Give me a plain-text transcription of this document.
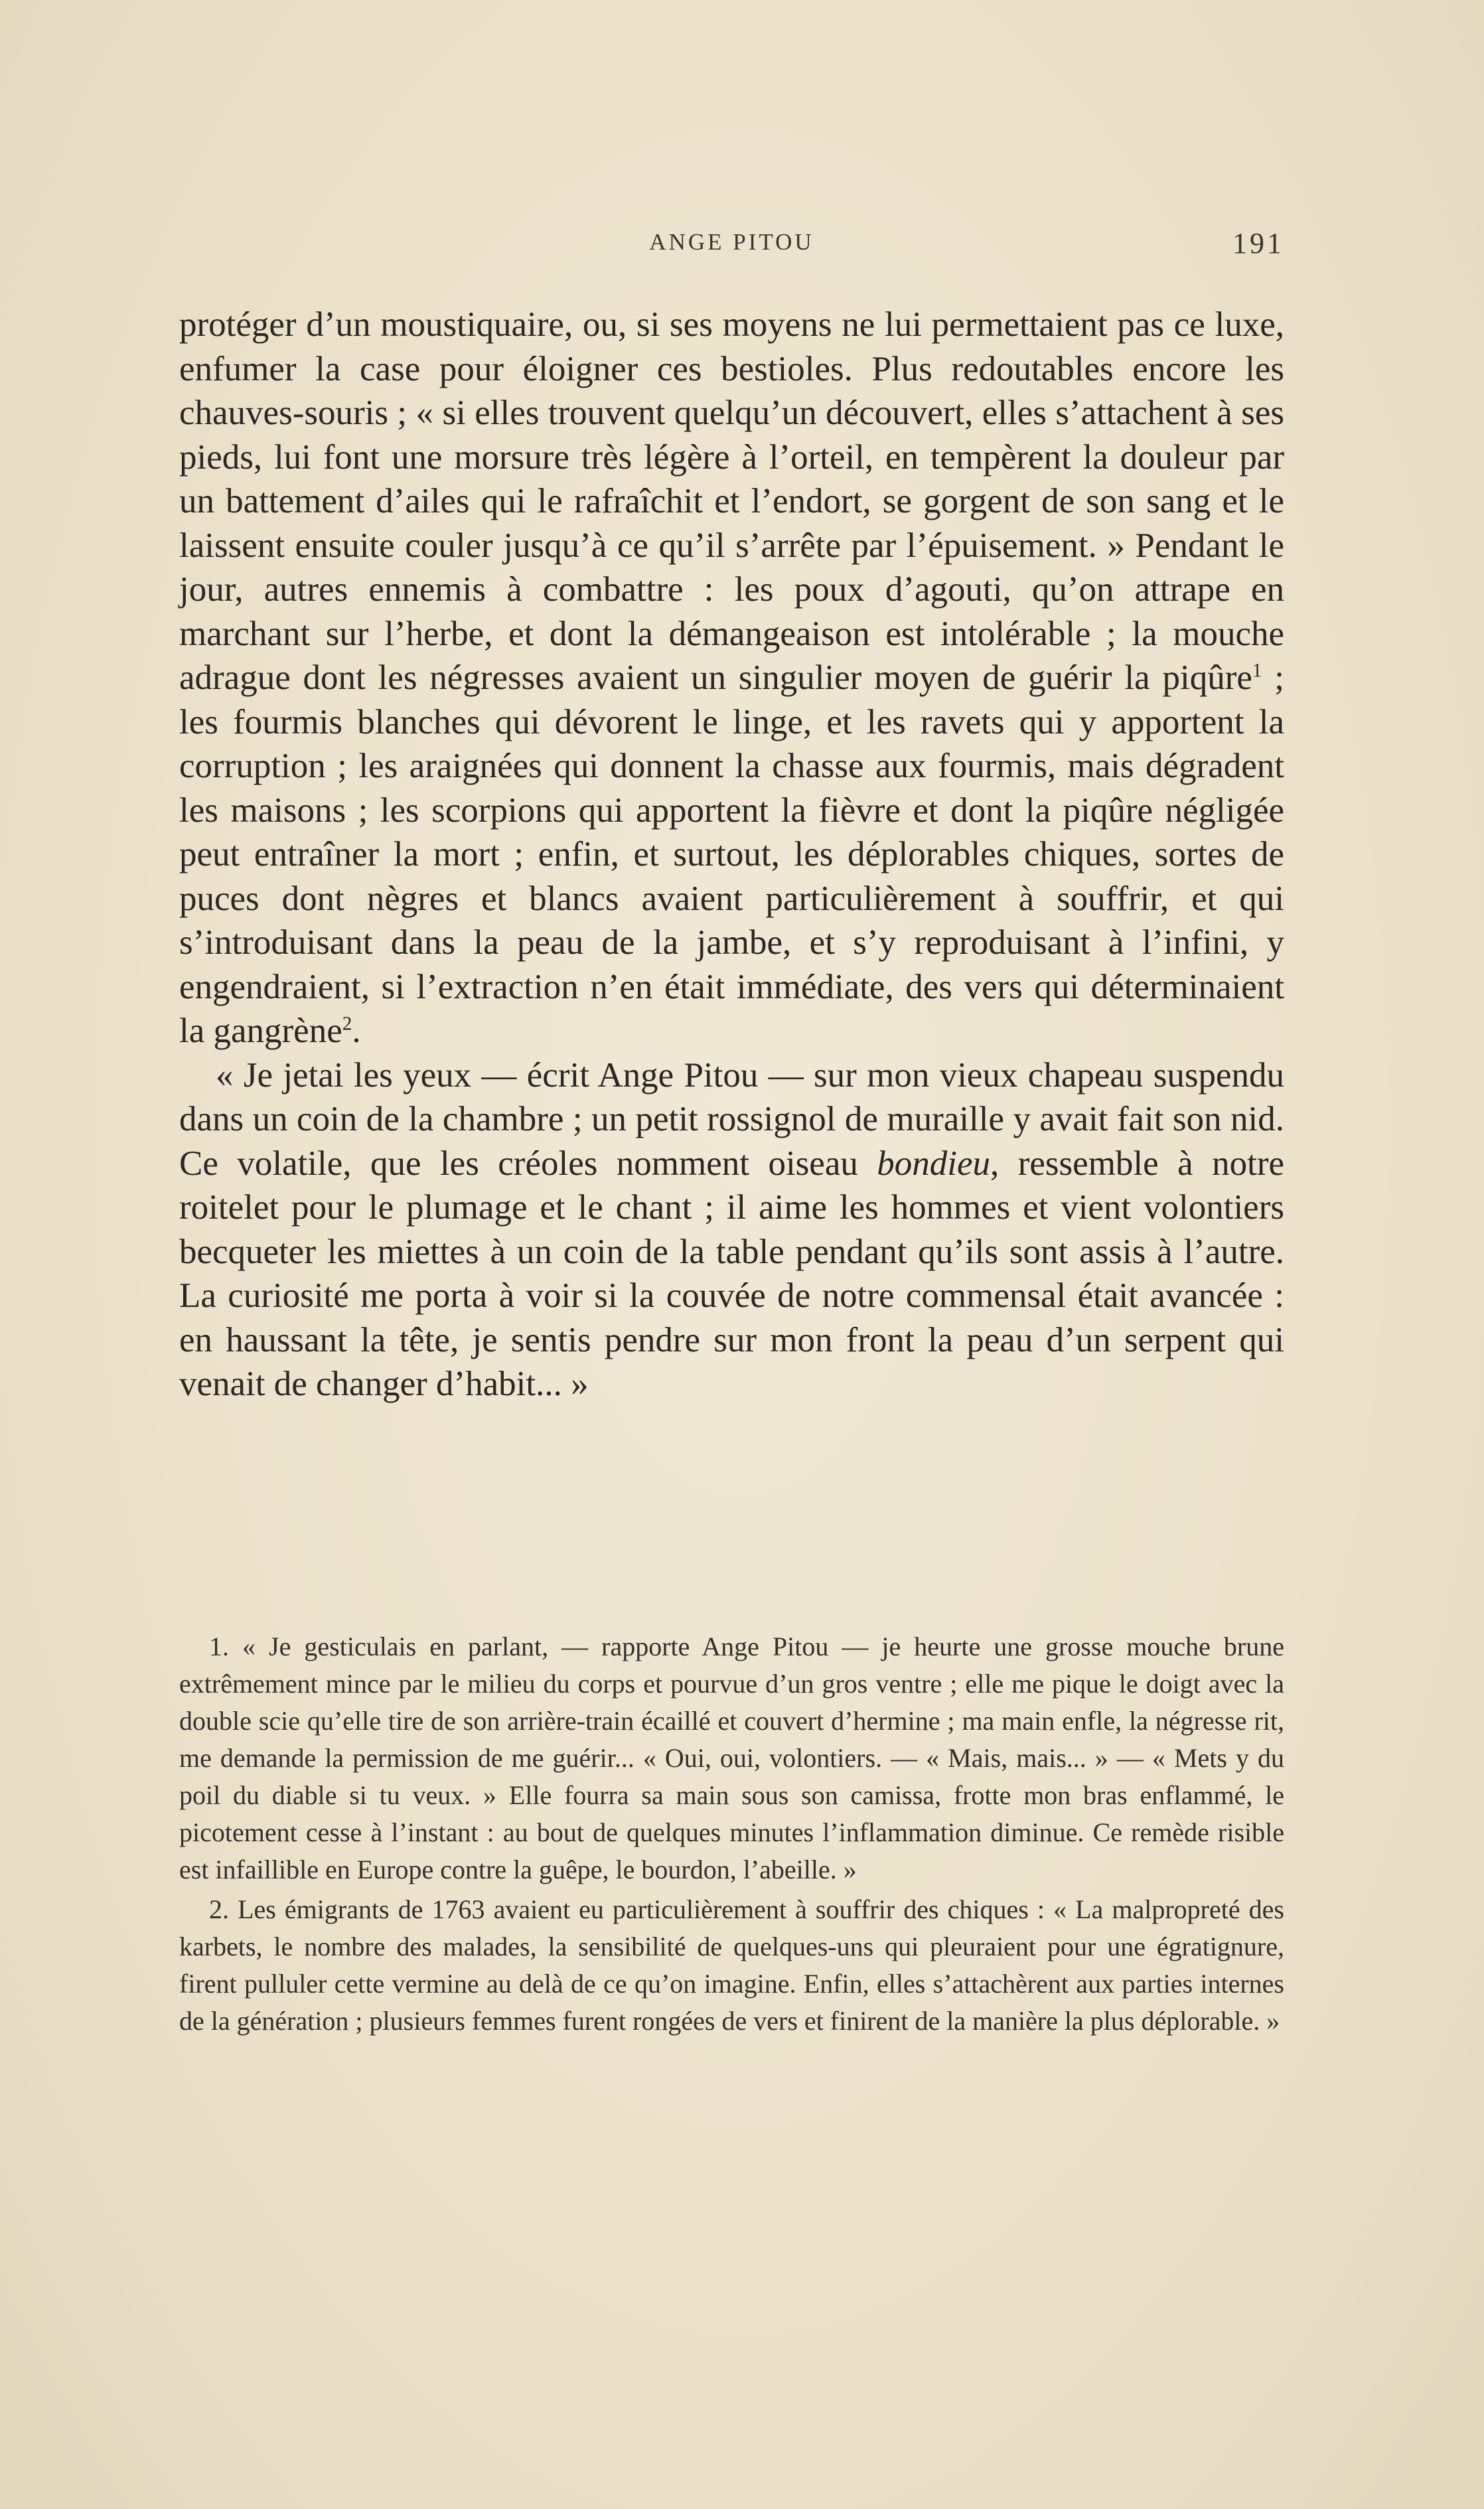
ANGE PITOU	191

protéger d’un moustiquaire, ou, si ses moyens ne lui permettaient pas ce luxe, enfumer la case pour éloigner ces bestioles. Plus redoutables encore les chauves-souris ; « si elles trouvent quelqu’un découvert, elles s’attachent à ses pieds, lui font une morsure très légère à l’orteil, en tempèrent la douleur par un battement d’ailes qui le rafraîchit et l’endort, se gorgent de son sang et le laissent ensuite couler jusqu’à ce qu’il s’arrête par l’épuisement. » Pendant le jour, autres ennemis à combattre : les poux d’agouti, qu’on attrape en marchant sur l’herbe, et dont la démangeaison est intolérable ; la mouche adrague dont les négresses avaient un singulier moyen de guérir la piqûre$^1$ ; les fourmis blanches qui dévorent le linge, et les ravets qui y apportent la corruption ; les araignées qui donnent la chasse aux fourmis, mais dégradent les maisons ; les scorpions qui apportent la fièvre et dont la piqûre négligée peut entraîner la mort ; enfin, et surtout, les déplorables chiques, sortes de puces dont nègres et blancs avaient particulièrement à souffrir, et qui s’introduisant dans la peau de la jambe, et s’y reproduisant à l’infini, y engendraient, si l’extraction n’en était immédiate, des vers qui déterminaient la gangrène$^2$.

« Je jetai les yeux — écrit Ange Pitou — sur mon vieux chapeau suspendu dans un coin de la chambre ; un petit rossignol de muraille y avait fait son nid. Ce volatile, que les créoles nomment oiseau bondieu, ressemble à notre roitelet pour le plumage et le chant ; il aime les hommes et vient volontiers becqueter les miettes à un coin de la table pendant qu’ils sont assis à l’autre. La curiosité me porta à voir si la couvée de notre commensal était avancée : en haussant la tête, je sentis pendre sur mon front la peau d’un serpent qui venait de changer d’habit... »

1. « Je gesticulais en parlant, — rapporte Ange Pitou — je heurte une grosse mouche brune extrêmement mince par le milieu du corps et pourvue d’un gros ventre ; elle me pique le doigt avec la double scie qu’elle tire de son arrière-train écaillé et couvert d’hermine ; ma main enfle, la négresse rit, me demande la permission de me guérir... « Oui, oui, volontiers. — « Mais, mais... » — « Mets y du poil du diable si tu veux. » Elle fourra sa main sous son camissa, frotte mon bras enflammé, le picotement cesse à l’instant : au bout de quelques minutes l’inflammation diminue. Ce remède risible est infaillible en Europe contre la guêpe, le bourdon, l’abeille. »

2. Les émigrants de 1763 avaient eu particulièrement à souffrir des chiques : « La malpropreté des karbets, le nombre des malades, la sensibilité de quelques-uns qui pleuraient pour une égratignure, firent pulluler cette vermine au delà de ce qu’on imagine. Enfin, elles s’attachèrent aux parties internes de la génération ; plusieurs femmes furent rongées de vers et finirent de la manière la plus déplorable. »
